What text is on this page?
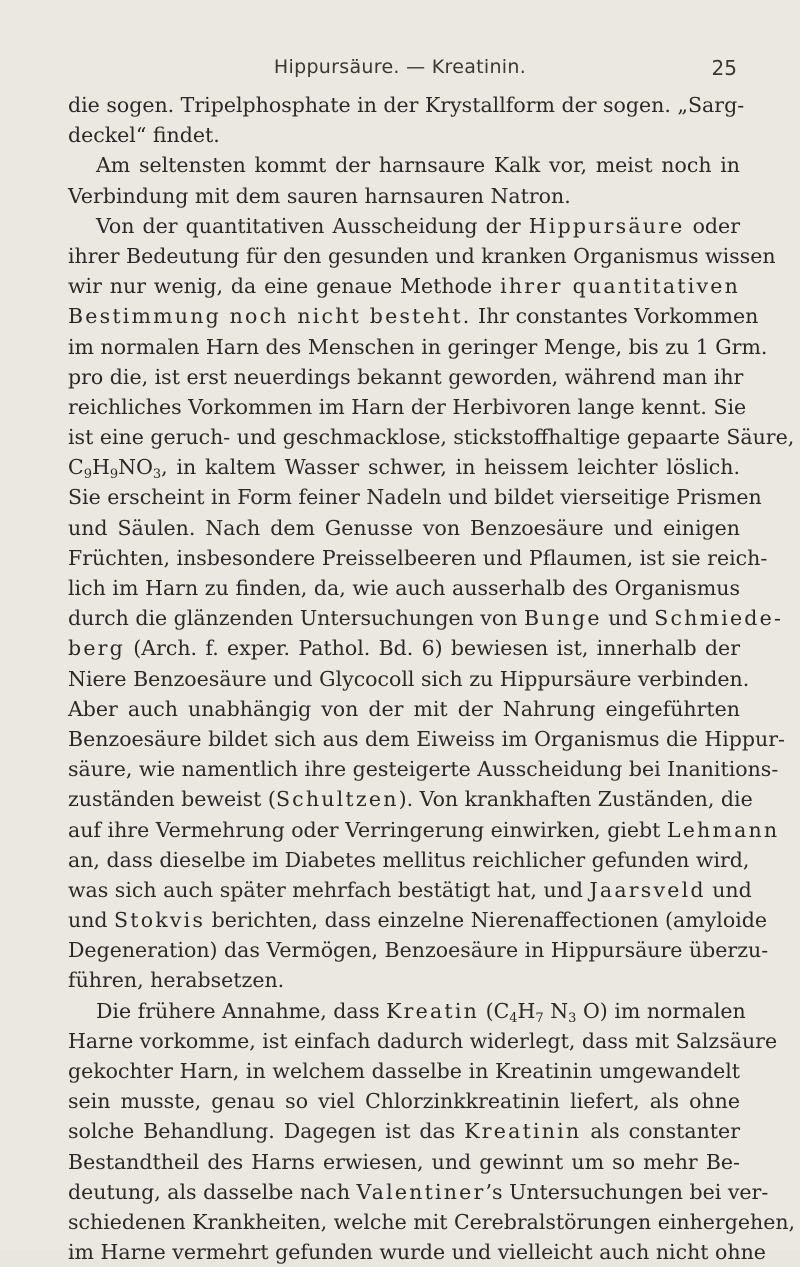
Hippursäure. — Kreatinin.	25
die sogen. Tripelphosphate in der Krystallform der sogen. „Sarg-
deckel“ findet.
Am seltensten kommt der harnsaure Kalk vor, meist noch in
Verbindung mit dem sauren harnsauren Natron.
Von der quantitativen Ausscheidung der Hippursäure oder
ihrer Bedeutung für den gesunden und kranken Organismus wissen
wir nur wenig, da eine genaue Methode ihrer quantitativen
Bestimmung noch nicht besteht. Ihr constantes Vorkommen
im normalen Harn des Menschen in geringer Menge, bis zu 1 Grm.
pro die, ist erst neuerdings bekannt geworden, während man ihr
reichliches Vorkommen im Harn der Herbivoren lange kennt. Sie
ist eine geruch- und geschmacklose, stickstoffhaltige gepaarte Säure,
$C_9H_9NO_3$, in kaltem Wasser schwer, in heissem leichter löslich.
Sie erscheint in Form feiner Nadeln und bildet vierseitige Prismen
und Säulen. Nach dem Genusse von Benzoesäure und einigen
Früchten, insbesondere Preisselbeeren und Pflaumen, ist sie reich-
lich im Harn zu finden, da, wie auch ausserhalb des Organismus
durch die glänzenden Untersuchungen von Bunge und Schmiede-
berg (Arch. f. exper. Pathol. Bd. 6) bewiesen ist, innerhalb der
Niere Benzoesäure und Glycocoll sich zu Hippursäure verbinden.
Aber auch unabhängig von der mit der Nahrung eingeführten
Benzoesäure bildet sich aus dem Eiweiss im Organismus die Hippur-
säure, wie namentlich ihre gesteigerte Ausscheidung bei Inanitions-
zuständen beweist (Schultzen). Von krankhaften Zuständen, die
auf ihre Vermehrung oder Verringerung einwirken, giebt Lehmann
an, dass dieselbe im Diabetes mellitus reichlicher gefunden wird,
was sich auch später mehrfach bestätigt hat, und Jaarsveld und
und Stokvis berichten, dass einzelne Nierenaffectionen (amyloide
Degeneration) das Vermögen, Benzoesäure in Hippursäure überzu-
führen, herabsetzen.
Die frühere Annahme, dass Kreatin ($C_4H_7$ $N_3$ O) im normalen
Harne vorkomme, ist einfach dadurch widerlegt, dass mit Salzsäure
gekochter Harn, in welchem dasselbe in Kreatinin umgewandelt
sein musste, genau so viel Chlorzinkkreatinin liefert, als ohne
solche Behandlung. Dagegen ist das Kreatinin als constanter
Bestandtheil des Harns erwiesen, und gewinnt um so mehr Be-
deutung, als dasselbe nach Valentiner’s Untersuchungen bei ver-
schiedenen Krankheiten, welche mit Cerebralstörungen einhergehen,
im Harne vermehrt gefunden wurde und vielleicht auch nicht ohne
